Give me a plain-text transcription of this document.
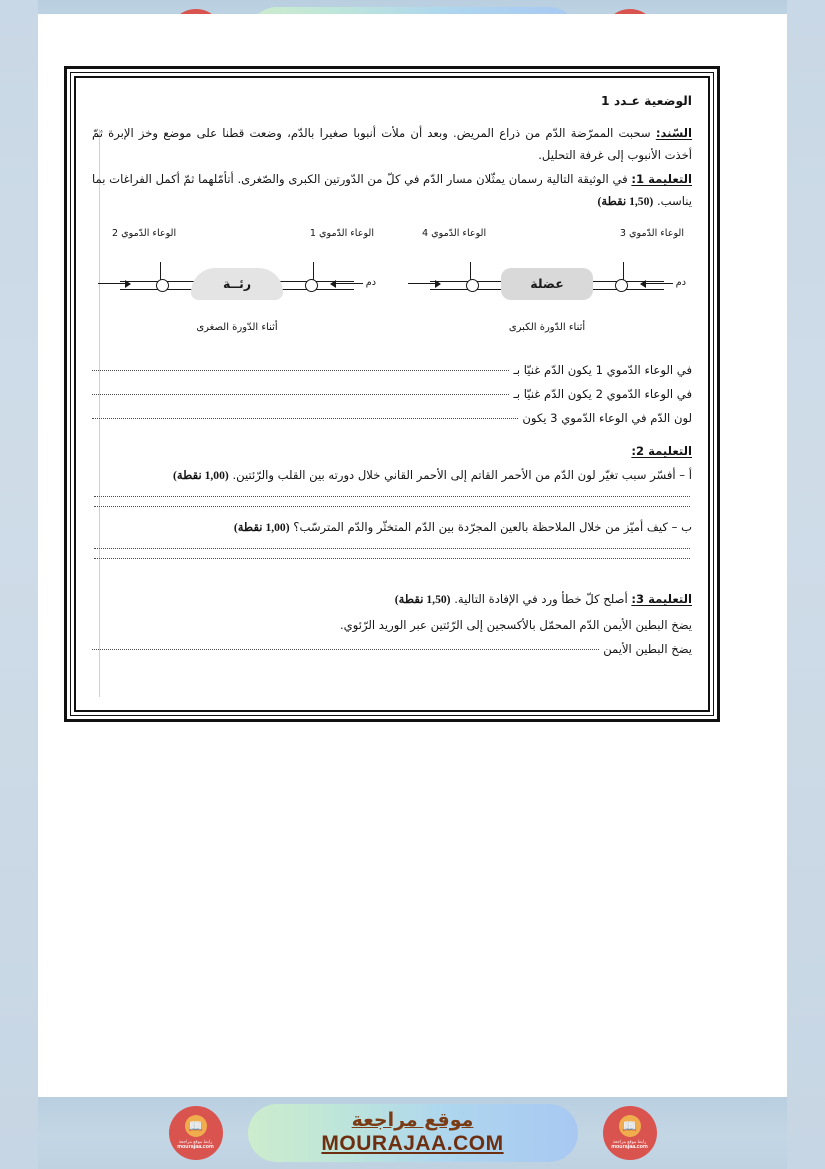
الوضعية عـدد 1

السّند: سحبت الممرّضة الدّم من ذراع المريض. وبعد أن ملأت أنبوبا صغيرا بالدّم، وضعت قطنا على موضع وخز الإبرة ثمّ أخذت الأنبوب إلى غرفة التحليل.

التعليمة 1: في الوثيقة التالية رسمان يمثّلان مسار الدّم في كلّ من الدّورتين الكبرى والصّغرى. أتأمّلهما ثمّ أكمل الفراغات بما يناسب. (1,50 نقطة)

الوعاء الدّموي 1
الوعاء الدّموي 2
رئــة	دم
أثناء الدّورة الصغرى
الوعاء الدّموي 3
الوعاء الدّموي 4
عضلة	دم
أثناء الدّورة الكبرى
في الوعاء الدّموي 1 يكون الدّم غنيّا بـ
في الوعاء الدّموي 2 يكون الدّم غنيّا بـ
لون الدّم في الوعاء الدّموي 3 يكون

التعليمة 2:

أ – أفسّر سبب تغيّر لون الدّم من الأحمر القاتم إلى الأحمر القاني خلال دورته بين القلب والرّئتين. (1,00 نقطة)

ب – كيف أميّز من خلال الملاحظة بالعين المجرّدة بين الدّم المتخثّر والدّم المترسّب؟ (1,00 نقطة)

التعليمة 3: أصلح كلّ خطأ ورد في الإفادة التالية. (1,50 نقطة)

يضخ البطين الأيمن الدّم المحمّل بالأكسجين إلى الرّئتين عبر الوريد الرّئوي.

يضخ البطين الأيمن
📖
رابط موقع مراجعة
mourajaa.com
موقع مراجعة
MOURAJAA.COM
📖
رابط موقع مراجعة
mourajaa.com
